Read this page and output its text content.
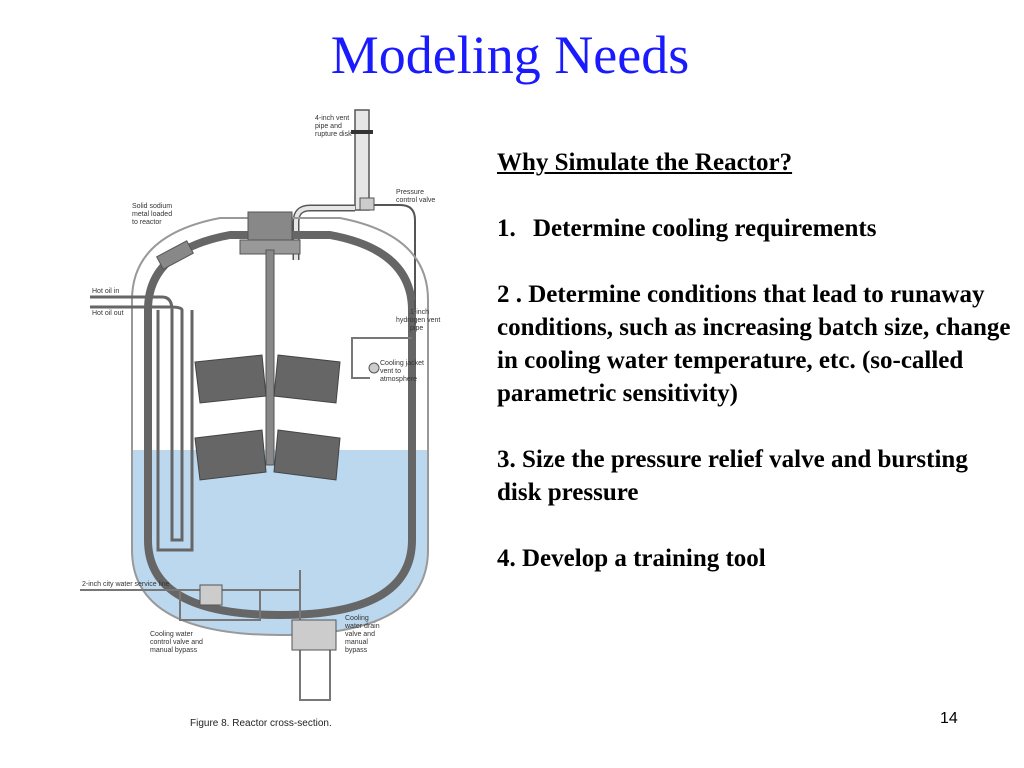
Modeling Needs
4-inch vent
pipe and
rupture disk
Pressure
control valve
Solid sodium
metal loaded
to reactor
1-inch
hydrogen vent
pipe
Hot oil in
Hot oil out
Cooling jacket
vent to
atmosphere
2-inch city water service line
Cooling
water drain
valve and
manual
bypass
Cooling water
control valve and
manual bypass
Figure 8. Reactor cross-section.
Why Simulate the Reactor?
1. Determine cooling requirements
2 . Determine conditions that lead to runaway conditions, such as increasing batch size, change in cooling water temperature, etc. (so-called parametric sensitivity)
3. Size the pressure relief valve and bursting disk pressure
4. Develop a training tool
14
